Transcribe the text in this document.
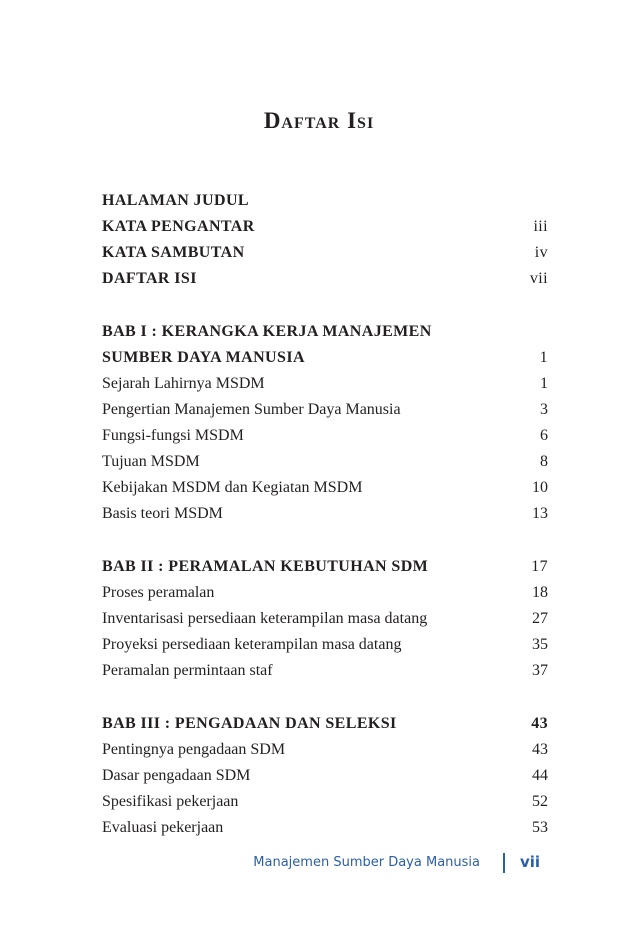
Daftar Isi
HALAMAN JUDUL
KATA PENGANTAR	iii
KATA SAMBUTAN	iv
DAFTAR ISI	vii
BAB I : KERANGKA KERJA MANAJEMEN
SUMBER DAYA MANUSIA	1
Sejarah Lahirnya MSDM	1
Pengertian Manajemen Sumber Daya Manusia	3
Fungsi-fungsi MSDM	6
Tujuan MSDM	8
Kebijakan MSDM dan Kegiatan MSDM	10
Basis teori MSDM	13
BAB II : PERAMALAN KEBUTUHAN SDM	17
Proses peramalan	18
Inventarisasi persediaan keterampilan masa datang	27
Proyeksi persediaan keterampilan masa datang	35
Peramalan permintaan staf	37
BAB III : PENGADAAN DAN SELEKSI	43
Pentingnya pengadaan SDM	43
Dasar pengadaan SDM	44
Spesifikasi pekerjaan	52
Evaluasi pekerjaan	53
Manajemen Sumber Daya Manusia	vii
